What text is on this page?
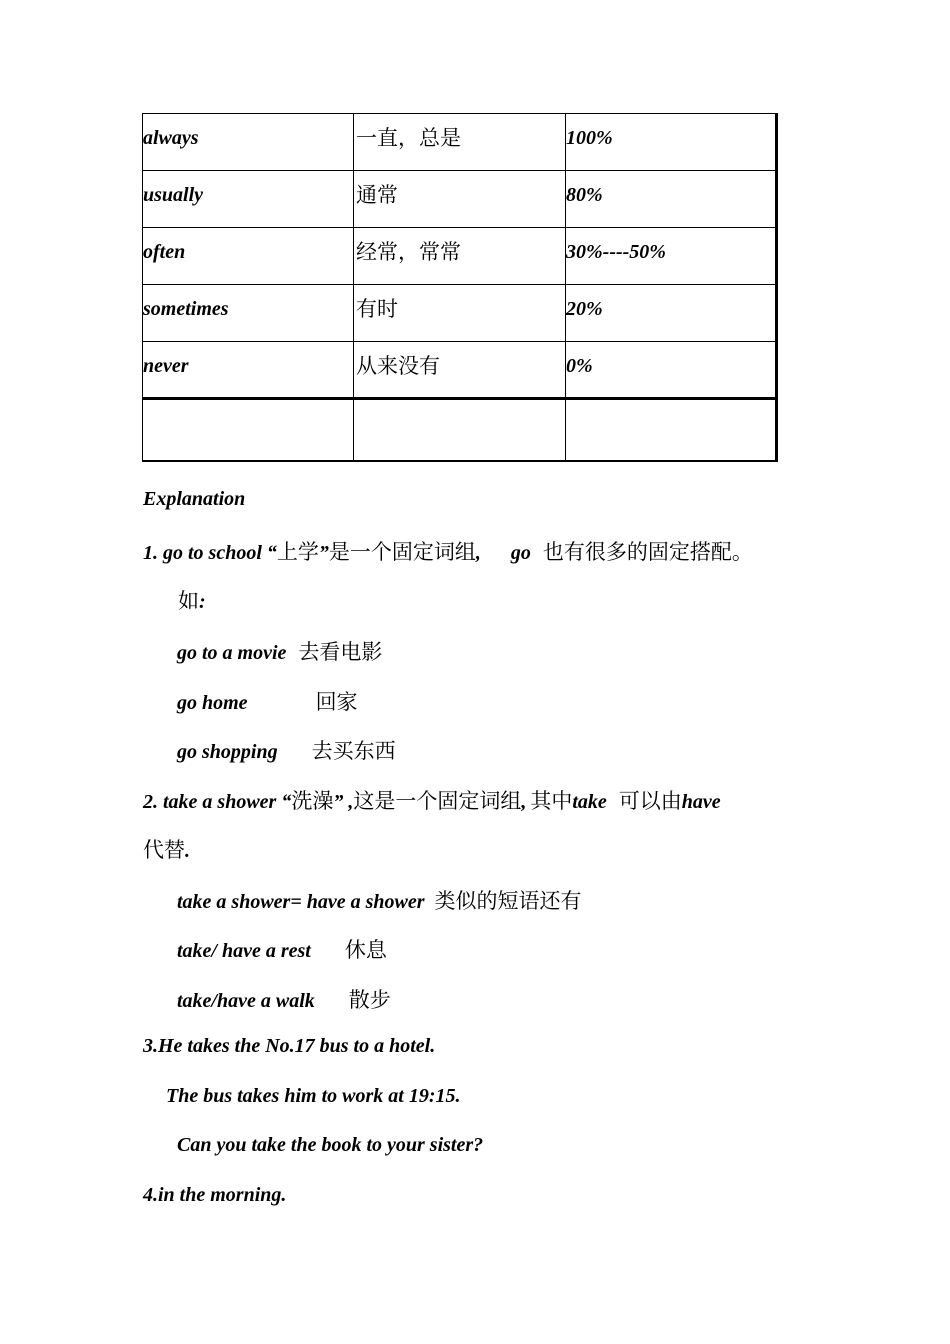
always	一直，总是	100%

usually	通常	80%

often	经常，常常	30%----50%

sometimes	有时	20%

never	从来没有	0%

Explanation
1. go to school “上学”是一个固定词组, go 也有很多的固定搭配。
如:
go to a movie 去看电影
go home	回家
go shopping 去买东西
2. take a shower “洗澡” ,这是一个固定词组, 其中take 可以由have
代替.
take a shower= have a shower 类似的短语还有
take/ have a rest 休息
take/have a walk 散步
3.He takes the No.17 bus to a hotel.
The bus takes him to work at 19:15.
Can you take the book to your sister?
4.in the morning.
